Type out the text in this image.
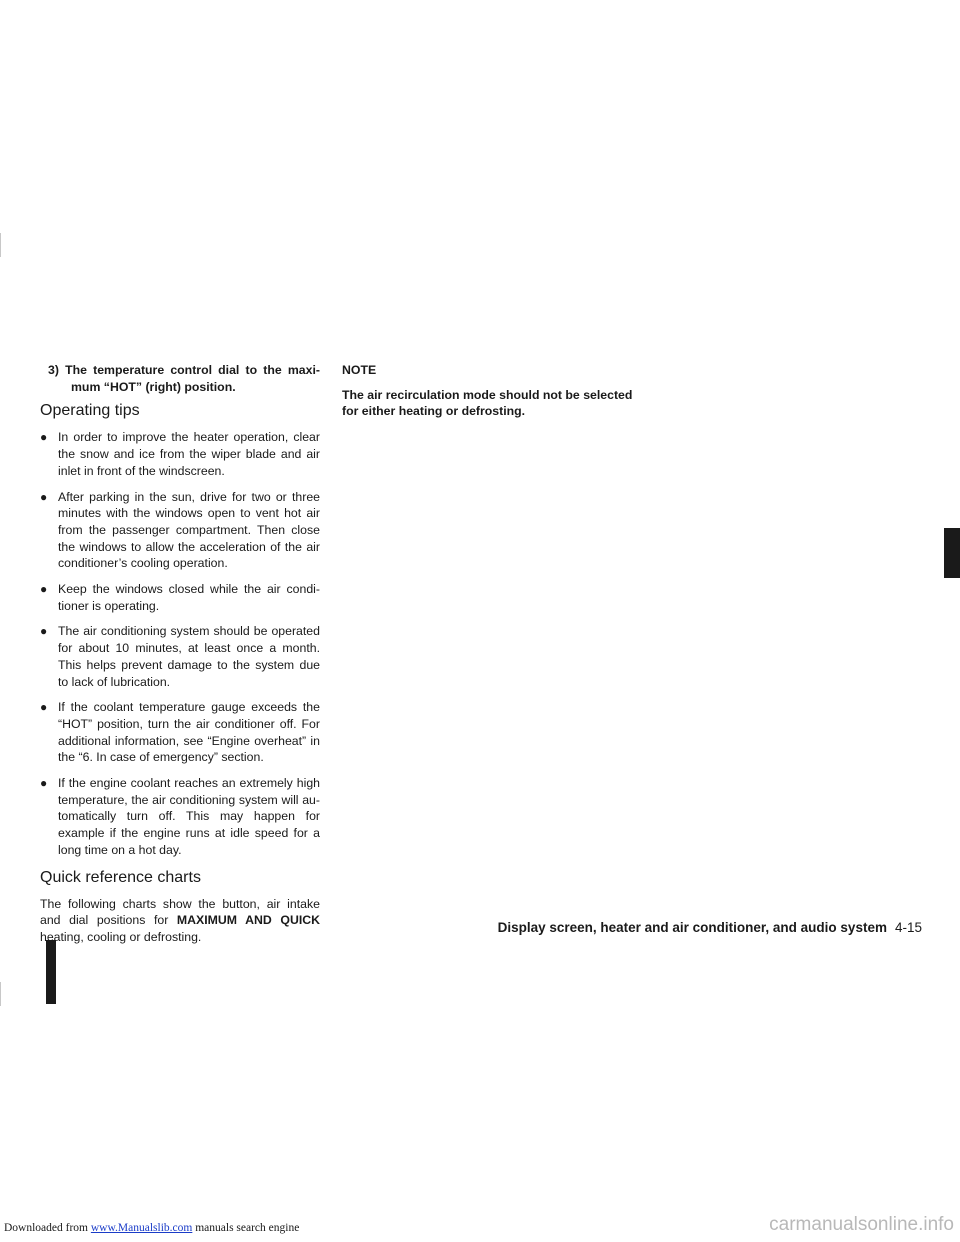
3) The temperature control dial to the maxi- mum “HOT” (right) position.

Operating tips
● In order to improve the heater operation, clear the snow and ice from the wiper blade and air inlet in front of the windscreen.
● After parking in the sun, drive for two or three minutes with the windows open to vent hot air from the passenger compartment. Then close the windows to allow the acceleration of the air conditioner’s cooling operation.
● Keep the windows closed while the air condi- tioner is operating.
● The air conditioning system should be operated for about 10 minutes, at least once a month. This helps prevent damage to the system due to lack of lubrication.
● If the coolant temperature gauge exceeds the “HOT” position, turn the air conditioner off. For additional information, see “Engine overheat” in the “6. In case of emergency” section.
● If the engine coolant reaches an extremely high temperature, the air conditioning system will au- tomatically turn off. This may happen for example if the engine runs at idle speed for a long time on a hot day.
Quick reference charts

The following charts show the button, air intake and dial positions for MAXIMUM AND QUICK heating, cooling or defrosting.

NOTE

The air recirculation mode should not be selected for either heating or defrosting.

Display screen, heater and air conditioner, and audio system 4-15
Downloaded from www.Manualslib.com manuals search engine	carmanualsonline.info
